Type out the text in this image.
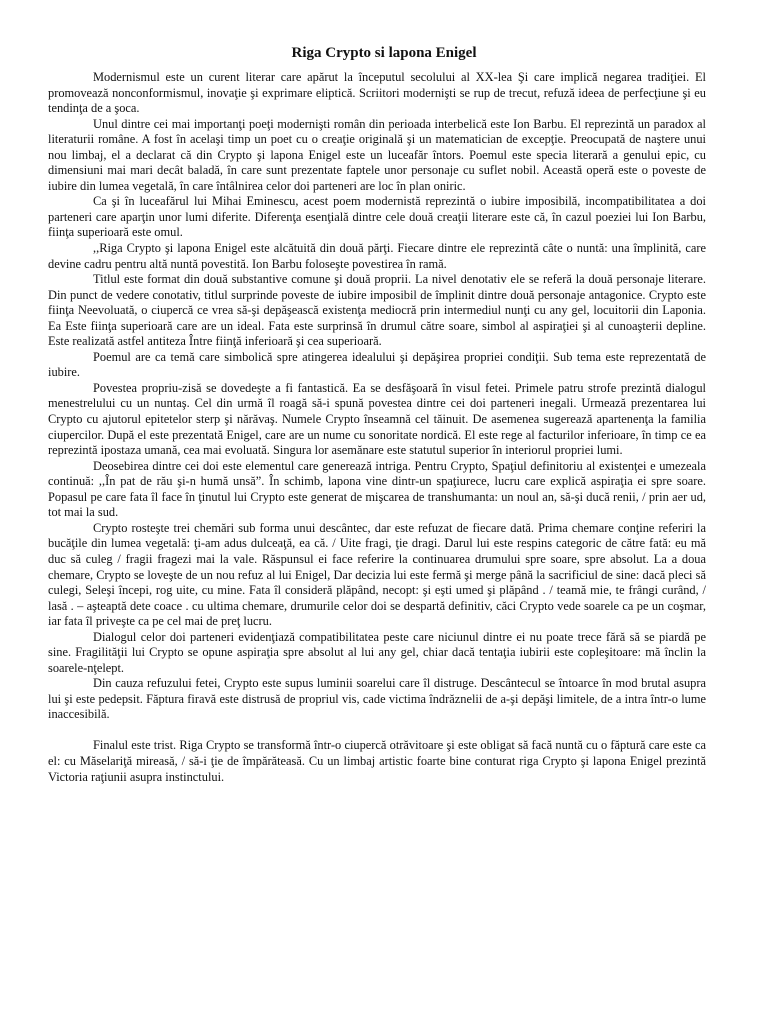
Riga Crypto si lapona Enigel

Modernismul este un curent literar care apărut la începutul secolului al XX-lea Şi care implică negarea tradiţiei. El promovează nonconformismul, inovaţie şi exprimare eliptică. Scriitori modernişti se rup de trecut, refuză ideea de perfecţiune şi eu tendinţa de a şoca.

Unul dintre cei mai importanţi poeţi modernişti român din perioada interbelică este Ion Barbu. El reprezintă un paradox al literaturii române. A fost în acelaşi timp un poet cu o creaţie originală şi un matematician de excepţie. Preocupată de naştere unui nou limbaj, el a declarat că din Crypto şi lapona Enigel este un luceafăr întors. Poemul este specia literară a genului epic, cu dimensiuni mai mari decât baladă, în care sunt prezentate faptele unor personaje cu suflet nobil. Această operă este o poveste de iubire din lumea vegetală, în care întâlnirea celor doi parteneri are loc în plan oniric.

Ca şi în luceafărul lui Mihai Eminescu, acest poem modernistă reprezintă o iubire imposibilă, incompatibilitatea a doi parteneri care aparţin unor lumi diferite. Diferenţa esenţială dintre cele două creaţii literare este că, în cazul poeziei lui Ion Barbu, fiinţa superioară este omul.

,,Riga Crypto şi lapona Enigel este alcătuită din două părţi. Fiecare dintre ele reprezintă câte o nuntă: una împlinită, care devine cadru pentru altă nuntă povestită. Ion Barbu foloseşte povestirea în ramă.

Titlul este format din două substantive comune şi două proprii. La nivel denotativ ele se referă la două personaje literare. Din punct de vedere conotativ, titlul surprinde poveste de iubire imposibil de împlinit dintre două personaje antagonice. Crypto este fiinţa Neevoluată, o ciupercă ce vrea să-şi depăşească existenţa mediocră prin intermediul nunţi cu any gel, locuitorii din Laponia. Ea Este fiinţa superioară care are un ideal. Fata este surprinsă în drumul către soare, simbol al aspiraţiei şi al cunoaşterii depline. Este realizată astfel antiteza Între fiinţă inferioară şi cea superioară.

Poemul are ca temă care simbolică spre atingerea idealului şi depăşirea propriei condiţii. Sub tema este reprezentată de iubire.

Povestea propriu-zisă se dovedeşte a fi fantastică. Ea se desfăşoară în visul fetei. Primele patru strofe prezintă dialogul menestrelului cu un nuntaş. Cel din urmă îl roagă să-i spună povestea dintre cei doi parteneri inegali. Urmează prezentarea lui Crypto cu ajutorul epitetelor sterp şi nărăvaş. Numele Crypto înseamnă cel tăinuit. De asemenea sugerează apartenenţa la familia ciupercilor. După el este prezentată Enigel, care are un nume cu sonoritate nordică. El este rege al facturilor inferioare, în timp ce ea reprezintă ipostaza umană, cea mai evoluată. Singura lor asemănare este statutul superior în interiorul propriei lumi.

Deosebirea dintre cei doi este elementul care generează intriga. Pentru Crypto, Spaţiul definitoriu al existenţei e umezeala continuă: ,,În pat de rău şi-n humă unsă”. În schimb, lapona vine dintr-un spaţiurece, lucru care explică aspiraţia ei spre soare. Popasul pe care fata îl face în ţinutul lui Crypto este generat de mişcarea de transhumanta: un noul an, să-şi ducă renii, / prin aer ud, tot mai la sud.

Crypto rosteşte trei chemări sub forma unui descântec, dar este refuzat de fiecare dată. Prima chemare conţine referiri la bucăţile din lumea vegetală: ţi-am adus dulceaţă, ea că. / Uite fragi, ţie dragi. Darul lui este respins categoric de către fată: eu mă duc să culeg / fragii fragezi mai la vale. Răspunsul ei face referire la continuarea drumului spre soare, spre absolut. La a doua chemare, Crypto se loveşte de un nou refuz al lui Enigel, Dar decizia lui este fermă şi merge până la sacrificiul de sine: dacă pleci să culegi, Seleşi începi, rog uite, cu mine. Fata îl consideră plăpând, necopt: şi eşti umed şi plăpând . / teamă mie, te frângi curând, / lasă . – aşteaptă dete coace . cu ultima chemare, drumurile celor doi se despartă definitiv, căci Crypto vede soarele ca pe un coşmar, iar fata îl priveşte ca pe cel mai de preţ lucru.

Dialogul celor doi parteneri evidenţiază compatibilitatea peste care niciunul dintre ei nu poate trece fără să se piardă pe sine. Fragilităţii lui Crypto se opune aspiraţia spre absolut al lui any gel, chiar dacă tentaţia iubirii este copleşitoare: mă înclin la soarele-nţelept.

Din cauza refuzului fetei, Crypto este supus luminii soarelui care îl distruge. Descântecul se întoarce în mod brutal asupra lui şi este pedepsit. Făptura firavă este distrusă de propriul vis, cade victima îndrăznelii de a-şi depăşi limitele, de a intra într-o lume inaccesibilă.

Finalul este trist. Riga Crypto se transformă într-o ciupercă otrăvitoare şi este obligat să facă nuntă cu o făptură care este ca el: cu Măselariţă mireasă, / să-i ţie de împărăteasă. Cu un limbaj artistic foarte bine conturat riga Crypto şi lapona Enigel prezintă Victoria raţiunii asupra instinctului.
